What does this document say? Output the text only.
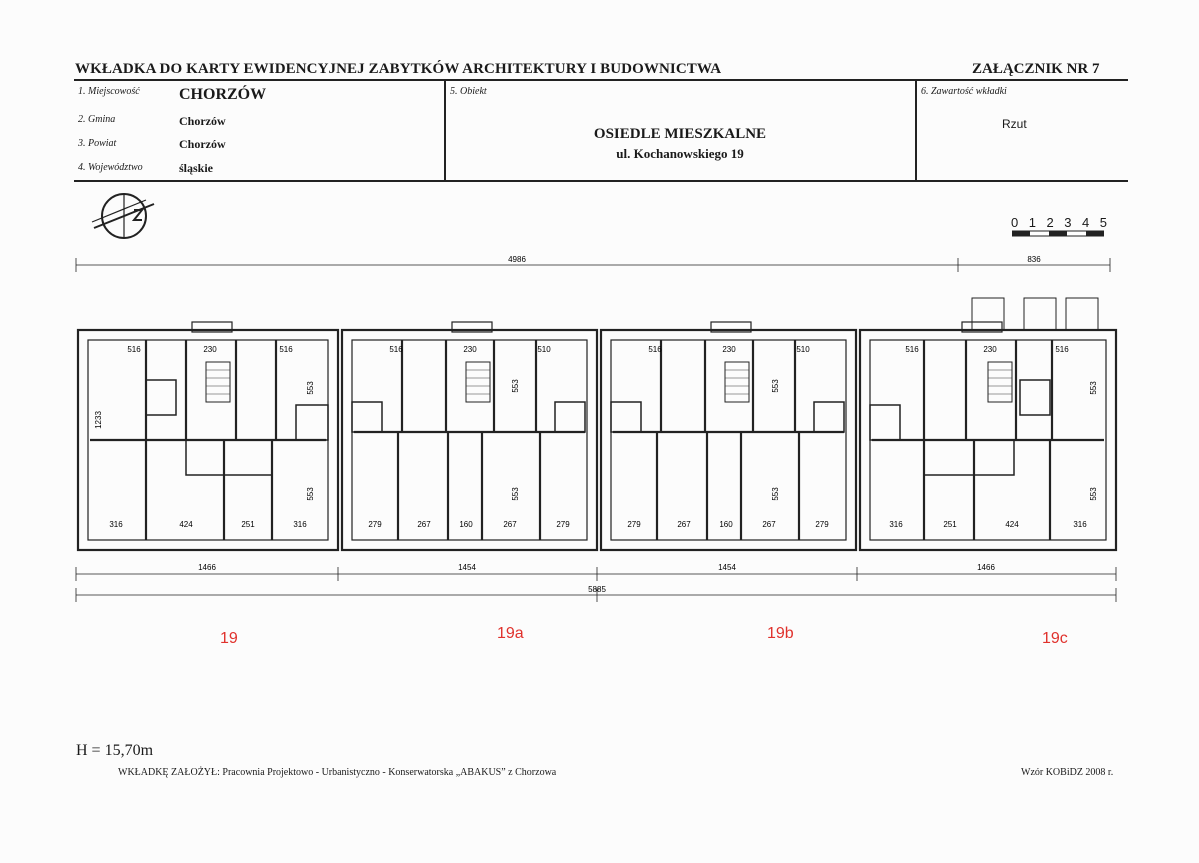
WKŁADKA DO KARTY EWIDENCYJNEJ ZABYTKÓW ARCHITEKTURY I BUDOWNICTWA	ZAŁĄCZNIK NR 7
1. Miejscowość CHORZÓW
2. Gmina	Chorzów
3. Powiat	Chorzów
4. Województwo	śląskie
5. Obiekt
OSIEDLE MIESZKALNE
ul. Kochanowskiego 19
6. Zawartość wkładki
Rzut
0 1 2 3 4 5
4986	836
1466	1454	1454	1466
5885
1233
516	230	516
553
553
316	424	251	316
516	230	510
553
553
279	267	160	267	279
516	230	510
553
553
279	267	160	267	279
516	230	516
553
553
316	251	424	316
19	19a	19b	19c
H = 15,70m
WKŁADKĘ ZAŁOŻYŁ: Pracownia Projektowo - Urbanistyczno - Konserwatorska „ABAKUS” z Chorzowa	Wzór KOBiDZ 2008 r.
